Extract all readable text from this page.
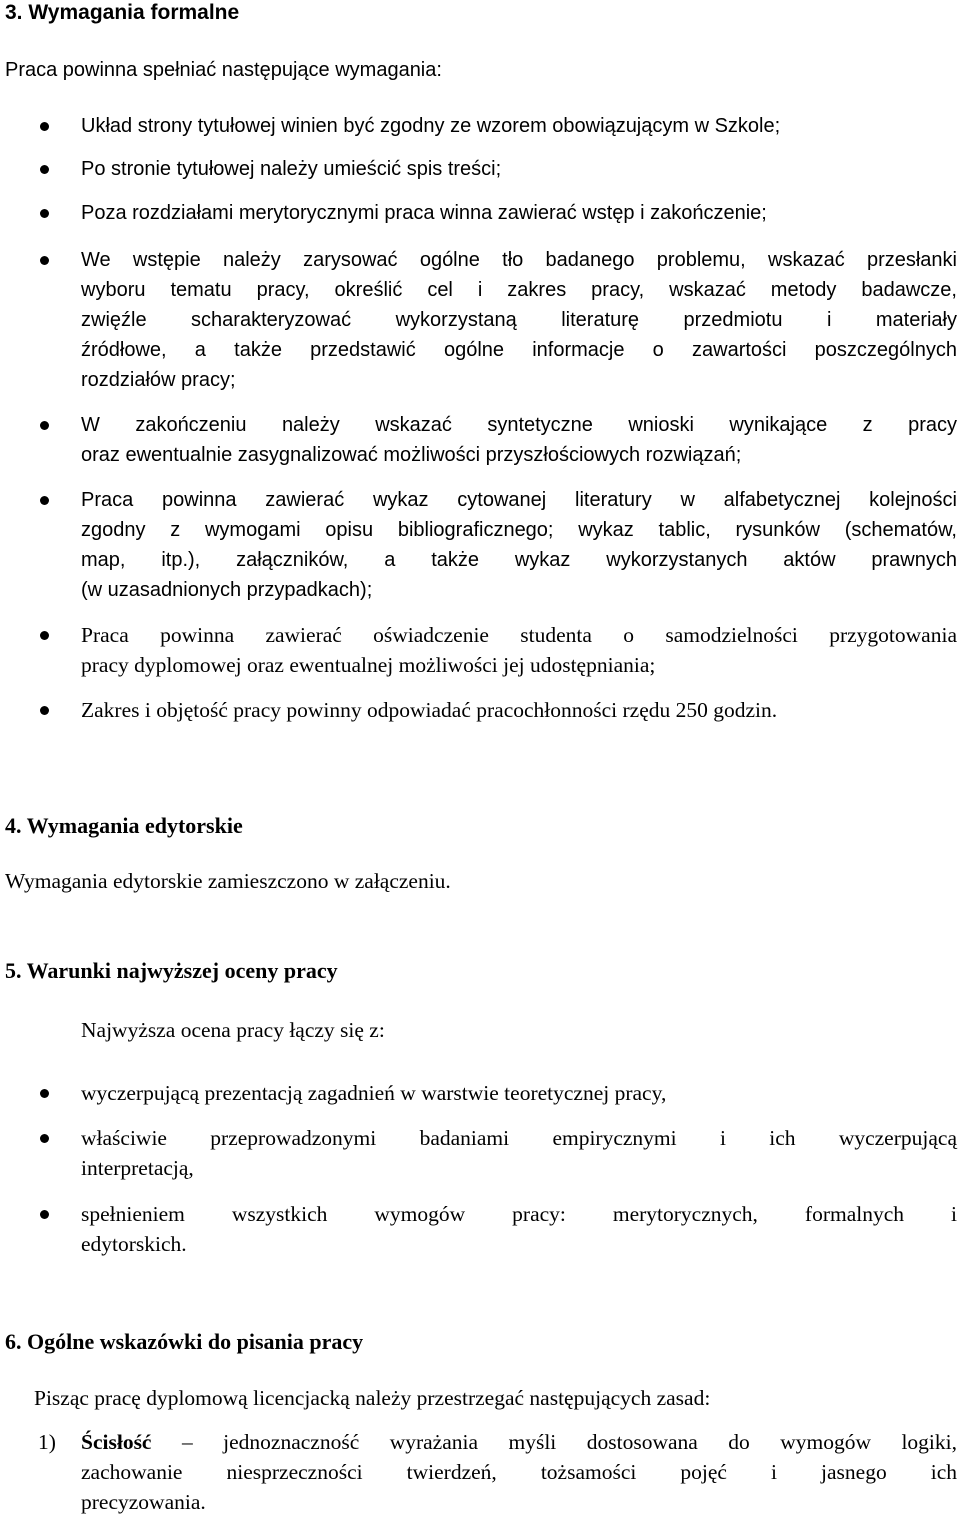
3. Wymagania formalne
Praca powinna spełniać następujące wymagania:
Układ strony tytułowej winien być zgodny ze wzorem obowiązującym w Szkole;
Po stronie tytułowej należy umieścić spis treści;
Poza rozdziałami merytorycznymi praca winna zawierać wstęp i zakończenie;
We wstępie należy zarysować ogólne tło badanego problemu, wskazać przesłanki
wyboru tematu pracy, określić cel i zakres pracy, wskazać metody badawcze,
zwięźle scharakteryzować wykorzystaną literaturę przedmiotu i materiały
źródłowe, a także przedstawić ogólne informacje o zawartości poszczególnych
rozdziałów pracy;
W zakończeniu należy wskazać syntetyczne wnioski wynikające z pracy
oraz ewentualnie zasygnalizować możliwości przyszłościowych rozwiązań;
Praca powinna zawierać wykaz cytowanej literatury w alfabetycznej kolejności
zgodny z wymogami opisu bibliograficznego; wykaz tablic, rysunków (schematów,
map, itp.), załączników, a także wykaz wykorzystanych aktów prawnych
(w uzasadnionych przypadkach);
Praca powinna zawierać oświadczenie studenta o samodzielności przygotowania
pracy dyplomowej oraz ewentualnej możliwości jej udostępniania;
Zakres i objętość pracy powinny odpowiadać pracochłonności rzędu 250 godzin.
4. Wymagania edytorskie
Wymagania edytorskie zamieszczono w załączeniu.
5. Warunki najwyższej oceny pracy
Najwyższa ocena pracy łączy się z:
wyczerpującą prezentacją zagadnień w warstwie teoretycznej pracy,
właściwie przeprowadzonymi badaniami empirycznymi i ich wyczerpującą
interpretacją,
spełnieniem wszystkich wymogów pracy: merytorycznych, formalnych i
edytorskich.
6. Ogólne wskazówki do pisania pracy
Pisząc pracę dyplomową licencjacką należy przestrzegać następujących zasad:
1) Ścisłość – jednoznaczność wyrażania myśli dostosowana do wymogów logiki,
zachowanie niesprzeczności twierdzeń, tożsamości pojęć i jasnego ich
precyzowania.
